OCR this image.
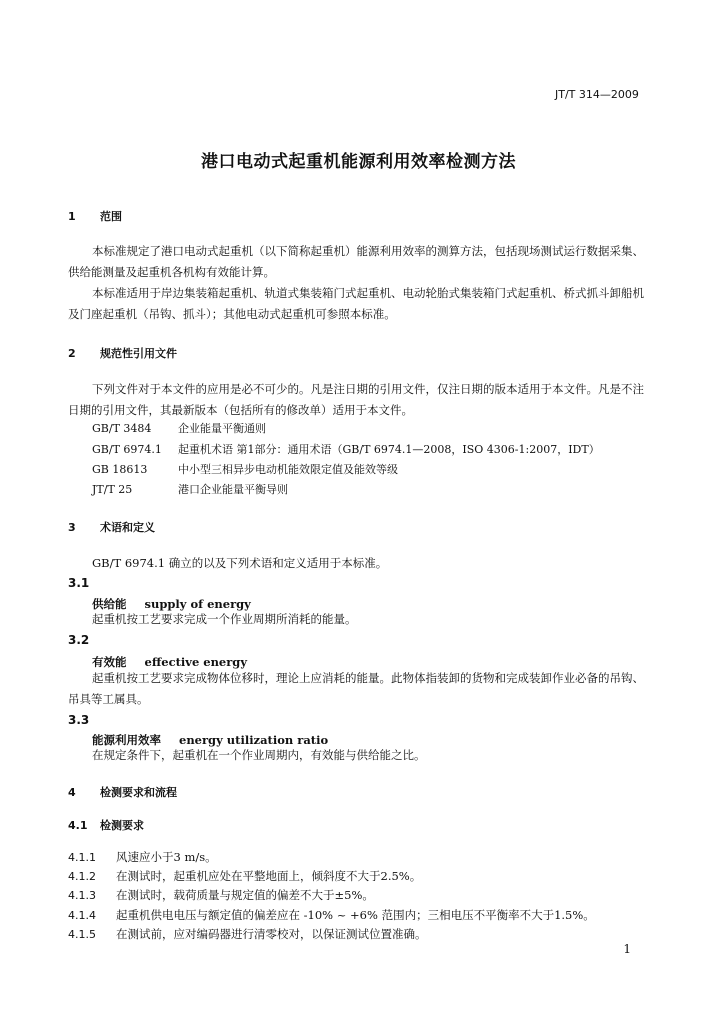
JT/T 314—2009
港口电动式起重机能源利用效率检测方法
1 范围
本标准规定了港口电动式起重机（以下简称起重机）能源利用效率的测算方法，包括现场测试运行数据采集、供给能测量及起重机各机构有效能计算。
本标准适用于岸边集装箱起重机、轨道式集装箱门式起重机、电动轮胎式集装箱门式起重机、桥式抓斗卸船机及门座起重机（吊钩、抓斗）；其他电动式起重机可参照本标准。
2 规范性引用文件
下列文件对于本文件的应用是必不可少的。凡是注日期的引用文件，仅注日期的版本适用于本文件。凡是不注日期的引用文件，其最新版本（包括所有的修改单）适用于本文件。
GB/T 3484 企业能量平衡通则
GB/T 6974.1 起重机术语 第1部分：通用术语（GB/T 6974.1—2008，ISO 4306-1:2007，IDT）
GB 18613	中小型三相异步电动机能效限定值及能效等级
JT/T 25	港口企业能量平衡导则
3 术语和定义
GB/T 6974.1 确立的以及下列术语和定义适用于本标准。
3.1
供给能 supply of energy
起重机按工艺要求完成一个作业周期所消耗的能量。
3.2
有效能 effective energy
起重机按工艺要求完成物体位移时，理论上应消耗的能量。此物体指装卸的货物和完成装卸作业必备的吊钩、吊具等工属具。
3.3
能源利用效率 energy utilization ratio
在规定条件下，起重机在一个作业周期内，有效能与供给能之比。
4 检测要求和流程
4.1 检测要求
4.1.1 风速应小于3 m/s。
4.1.2 在测试时，起重机应处在平整地面上，倾斜度不大于2.5%。
4.1.3 在测试时，载荷质量与规定值的偏差不大于±5%。
4.1.4 起重机供电电压与额定值的偏差应在 -10% ~ +6% 范围内；三相电压不平衡率不大于1.5%。
4.1.5 在测试前，应对编码器进行清零校对，以保证测试位置准确。
1
